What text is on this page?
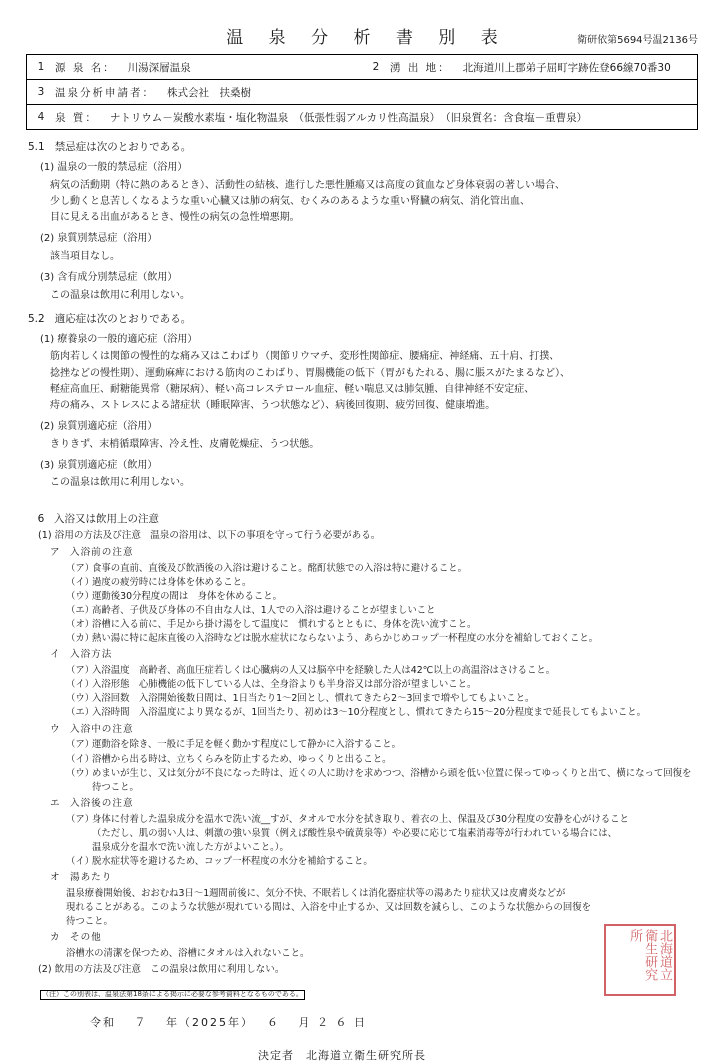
温 泉 分 析 書 別 表	衛研依第5694号温2136号
1	源 泉 名： 川湯深層温泉	2	湧 出 地： 北海道川上郡弟子屈町字跡佐登66線70番30
3	温泉分析申請者： 株式会社　扶桑樹
4	泉 質： ナトリウム－炭酸水素塩・塩化物温泉　（低張性弱アルカリ性高温泉）　（旧泉質名：含食塩－重曹泉）
5.1 禁忌症は次のとおりである。
(1) 温泉の一般的禁忌症（浴用）
病気の活動期（特に熱のあるとき）、活動性の結核、進行した悪性腫瘍又は高度の貧血など身体衰弱の著しい場合、
少し動くと息苦しくなるような重い心臓又は肺の病気、むくみのあるような重い腎臓の病気、消化管出血、
目に見える出血があるとき、慢性の病気の急性増悪期。
(2) 泉質別禁忌症（浴用）
該当項目なし。
(3) 含有成分別禁忌症（飲用）
この温泉は飲用に利用しない。
5.2 適応症は次のとおりである。
(1) 療養泉の一般的適応症（浴用）
筋肉若しくは関節の慢性的な痛み又はこわばり（関節リウマチ、変形性関節症、腰痛症、神経痛、五十肩、打撲、
捻挫などの慢性期）、運動麻痺における筋肉のこわばり、胃腸機能の低下（胃がもたれる、腸に脹スがたまるなど）、
軽症高血圧、耐糖能異常（糖尿病）、軽い高コレステロール血症、軽い喘息又は肺気腫、自律神経不安定症、
痔の痛み、ストレスによる諸症状（睡眠障害、うつ状態など）、病後回復期、疲労回復、健康増進。
(2) 泉質別適応症（浴用）
きりきず、末梢循環障害、冷え性、皮膚乾燥症、うつ状態。
(3) 泉質別適応症（飲用）
この温泉は飲用に利用しない。
6 入浴又は飲用上の注意
(1) 浴用の方法及び注意 温泉の浴用は、以下の事項を守って行う必要がある。
ア	入浴前の注意
（ア）
食事の直前、直後及び飲酒後の入浴は避けること。酩酊状態での入浴は特に避けること。
（イ）
過度の疲労時には身体を休めること。
（ウ）
運動後30分程度の間は　身体を休めること。
（エ）
高齢者、子供及び身体の不自由な人は、1人での入浴は避けることが望ましいこと
（オ）
浴槽に入る前に、手足から掛け湯をして温度に　慣れするとともに、身体を洗い流すこと。
（カ）
熱い湯に特に起床直後の入浴時などは脱水症状にならないよう、あらかじめコップ一杯程度の水分を補給しておくこと。
イ	入浴方法
（ア）
入浴温度　高齢者、高血圧症若しくは心臓病の人又は脳卒中を経験した人は42℃以上の高温浴はさけること。
（イ）
入浴形態　心肺機能の低下している人は、全身浴よりも半身浴又は部分浴が望ましいこと。
（ウ）
入浴回数　入浴開始後数日間は、1日当たり1～2回とし、慣れてきたら2～3回まで増やしてもよいこと。
（エ）
入浴時間　入浴温度により異なるが、1回当たり、初めは3～10分程度とし、慣れてきたら15～20分程度まで延長してもよいこと。
ウ	入浴中の注意
（ア）
運動浴を除き、一般に手足を軽く動かす程度にして静かに入浴すること。
（イ）
浴槽から出る時は、立ちくらみを防止するため、ゆっくりと出ること。
（ウ）
めまいが生じ、又は気分が不良になった時は、近くの人に助けを求めつつ、浴槽から頭を低い位置に保ってゆっくりと出て、横になって回復を待つこと。
エ	入浴後の注意
（ア）
身体に付着した温泉成分を温水で洗い流__すが、タオルで水分を拭き取り、着衣の上、保温及び30分程度の安静を心がけること
（ただし、肌の弱い人は、刺激の強い泉質（例えば酸性泉や硫黄泉等）や必要に応じて塩素消毒等が行われている場合には、
温泉成分を温水で洗い流した方がよいこと。）。
（イ）
脱水症状等を避けるため、コップ一杯程度の水分を補給すること。
オ	湯あたり
温泉療養開始後、おおむね3日～1週間前後に、気分不快、不眠若しくは消化器症状等の湯あたり症状又は皮膚炎などが
現れることがある。このような状態が現れている間は、入浴を中止するか、又は回数を減らし、このような状態からの回復を
待つこと。
カ	その他
浴槽水の清潔を保つため、浴槽にタオルは入れないこと。
(2) 飲用の方法及び注意 この温泉は飲用に利用しない。
（注）この別表は、温泉法第18条による掲示に必要な参考資料となるものである。
令和　 ７ 　年（2025年）　 ６ 　月 ２ ６ 日
決定者　北海道立衛生研究所長
北海道立衛生研究所
